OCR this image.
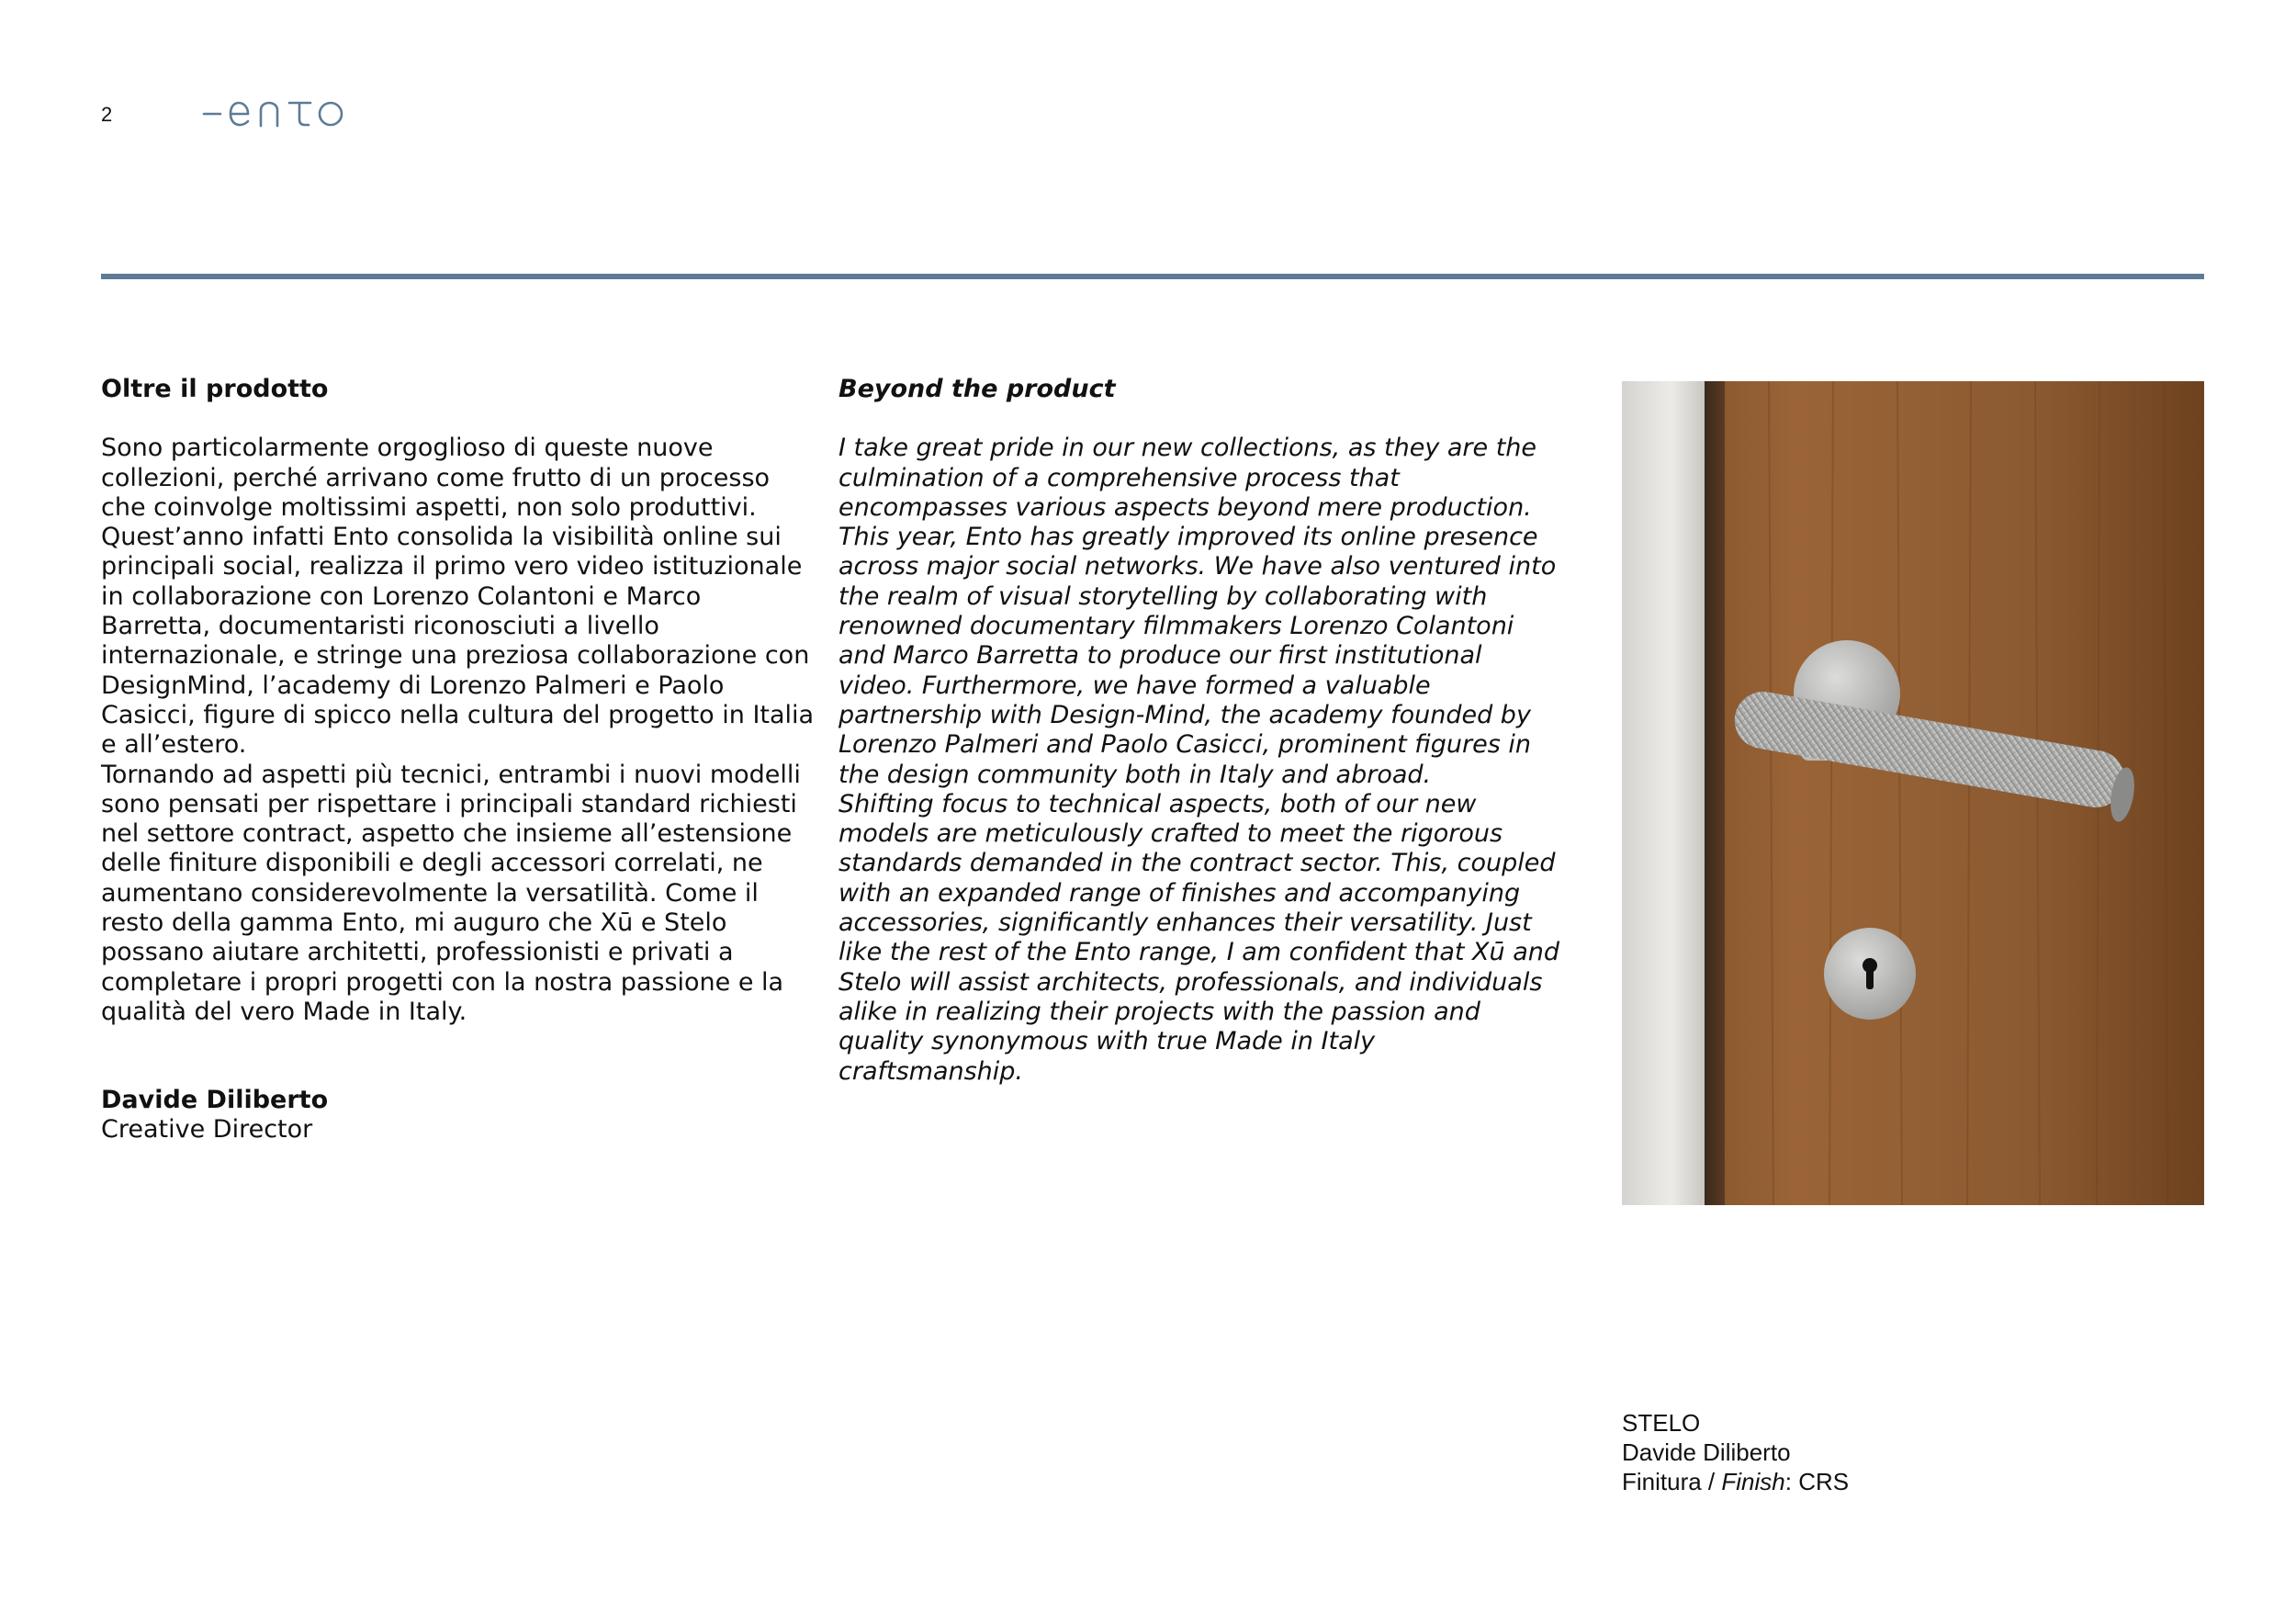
2
Oltre il prodotto

Sono particolarmente orgoglioso di queste nuove collezioni, perché arrivano come frutto di un processo che coinvolge moltissimi aspetti, non solo produttivi. Quest’anno infatti Ento consolida la visibilità online sui principali social, realizza il primo vero video istituzionale in collaborazione con Lorenzo Colantoni e Marco Barretta, documentaristi riconosciuti a livello internazionale, e stringe una preziosa collaborazione con DesignMind, l’academy di Lorenzo Palmeri e Paolo Casicci, figure di spicco nella cultura del progetto in Italia e all’estero.

Tornando ad aspetti più tecnici, entrambi i nuovi modelli sono pensati per rispettare i principali standard richiesti nel settore contract, aspetto che insieme all’estensione delle finiture disponibili e degli accessori correlati, ne aumentano considerevolmente la versatilità. Come il resto della gamma Ento, mi auguro che Xū e Stelo possano aiutare architetti, professionisti e privati a completare i propri progetti con la nostra passione e la qualità del vero Made in Italy.

Beyond the product

I take great pride in our new collections, as they are the culmination of a comprehensive process that encompasses various aspects beyond mere production. This year, Ento has greatly improved its online presence across major social networks. We have also ventured into the realm of visual storytelling by collaborating with renowned documentary filmmakers Lorenzo Colantoni and Marco Barretta to produce our first institutional video. Furthermore, we have formed a valuable partnership with Design-Mind, the academy founded by Lorenzo Palmeri and Paolo Casicci, prominent figures in the design community both in Italy and abroad.

Shifting focus to technical aspects, both of our new models are meticulously crafted to meet the rigorous standards demanded in the contract sector. This, coupled with an expanded range of finishes and accompanying accessories, significantly enhances their versatility. Just like the rest of the Ento range, I am confident that Xū and Stelo will assist architects, professionals, and individuals alike in realizing their projects with the passion and quality synonymous with true Made in Italy craftsmanship.

Davide Diliberto
Creative Director
STELO
Davide Diliberto
Finitura / Finish: CRS
